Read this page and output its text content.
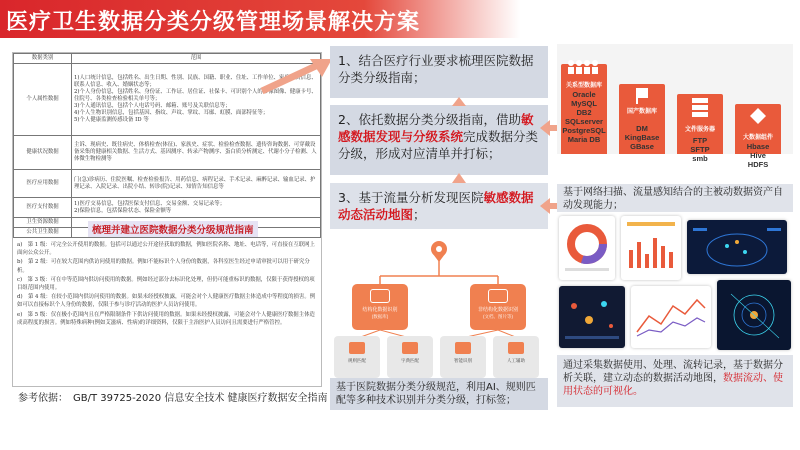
医疗卫生数据分类分级管理场景解决方案
数据类别	范围
个人属性数据	1)人口统计信息，包括姓名、出生日期、性别、民族、国籍、职业、住址、工作单位、家庭成员信息、联系人信息、收入、婚姻状态等；
2)个人身份信息，包括姓名、身份证、工作证、居住证、社保卡、可识别个人的影像图像、健康卡号、住院号、各类检查检验相关单号等；
3)个人通讯信息，包括个人电话号码、邮箱、账号及关联信息等；
4)个人生物识别信息，包括基因、指纹、声纹、掌纹、耳廓、虹膜、面部特征等；
5)个人健康监测传感设备 ID 等

健康状况数据	主诉、现病史、既往病史、体格检查(体征)、家族史、症状、检验检查数据、遗传咨询数据、可穿戴设备采集的健康相关数据、生活方式、基因测序、转录产物测序、蛋白质分析测定、代谢小分子检测、人体微生物检测等
医疗应用数据	门(急)诊病历、住院医嘱、检查检验报告、用药信息、病程记录、手术记录、麻醉记录、输血记录、护理记录、入院记录、出院小结、转诊(院)记录、知情告知信息等
医疗支付数据	1)医疗交易信息，包括医保支付信息、交易金额、交易记录等；
2)保险信息，包括保险状态、保险金额等

卫生资源数据	
公共卫生数据	

a)　第 1 级：可完全公开使用的数据。包括可以通过公开途径获取的数据，例如医院名称、地址、电话等，可直接在互联网上面向公众公开。

b)　第 2 级：可在较大范围内供访问使用的数据。例如不能标识个人身份的数据，各科室医生经过申请审批可以用于研究分析。

c)　第 3 级：可在中等范围内供访问使用的数据。例如经过部分去标识化处理，但仍可能重标识的数据，仅限于获得授权的项目组范围内使用。

d)　第 4 级：在较小范围内供访问使用的数据。如果未经授权披露，可能会对个人健康医疗数据主体造成中等程度的损害。例如可以直接标识个人身份的数据，仅限于参与诊疗活动的医护人员访问使用。

e)　第 5 级：仅在极小范围内且在严格限制条件下供访问使用的数据。如果未经授权披露，可能会对个人健康医疗数据主体造成高程度的损害。例如特殊病种(例如艾滋病、性病)的详细资料，仅限于主治医护人员访问且需要进行严格管控。

梳理并建立医院数据分类分级规范指南
参考依据：　GB/T 39725-2020 信息安全技术 健康医疗数据安全指南
1、结合医疗行业要求梳理医院数据分类分级指南；
2、依托数据分类分级指南，借助敏感数据发现与分级系统完成数据分类分级，形成对应清单并打标；
3、基于流量分析发现医院敏感数据动态活动地图；
结构化数据识别
(数据库)
非结构化数据识别
(文档、图片等)
规则匹配	字典匹配	智能识别	人工辅助
基于医院数据分类分级规范，利用AI、规则匹配等多种技术识别并分类分级，打标签；
关系型数据库
Oracle
MySQL
DB2
SQLserver
PostgreSQL
Maria DB
国产数据库
DM
KingBase
GBase
文件服务器
FTP
SFTP
smb
大数据组件
Hbase
Hive
HDFS
基于网络扫描、流量感知结合的主被动数据资产自动发现能力；
通过采集数据使用、处理、流转记录，基于数据分析关联，建立动态的数据活动地图，数据流动、使用状态的可视化。
